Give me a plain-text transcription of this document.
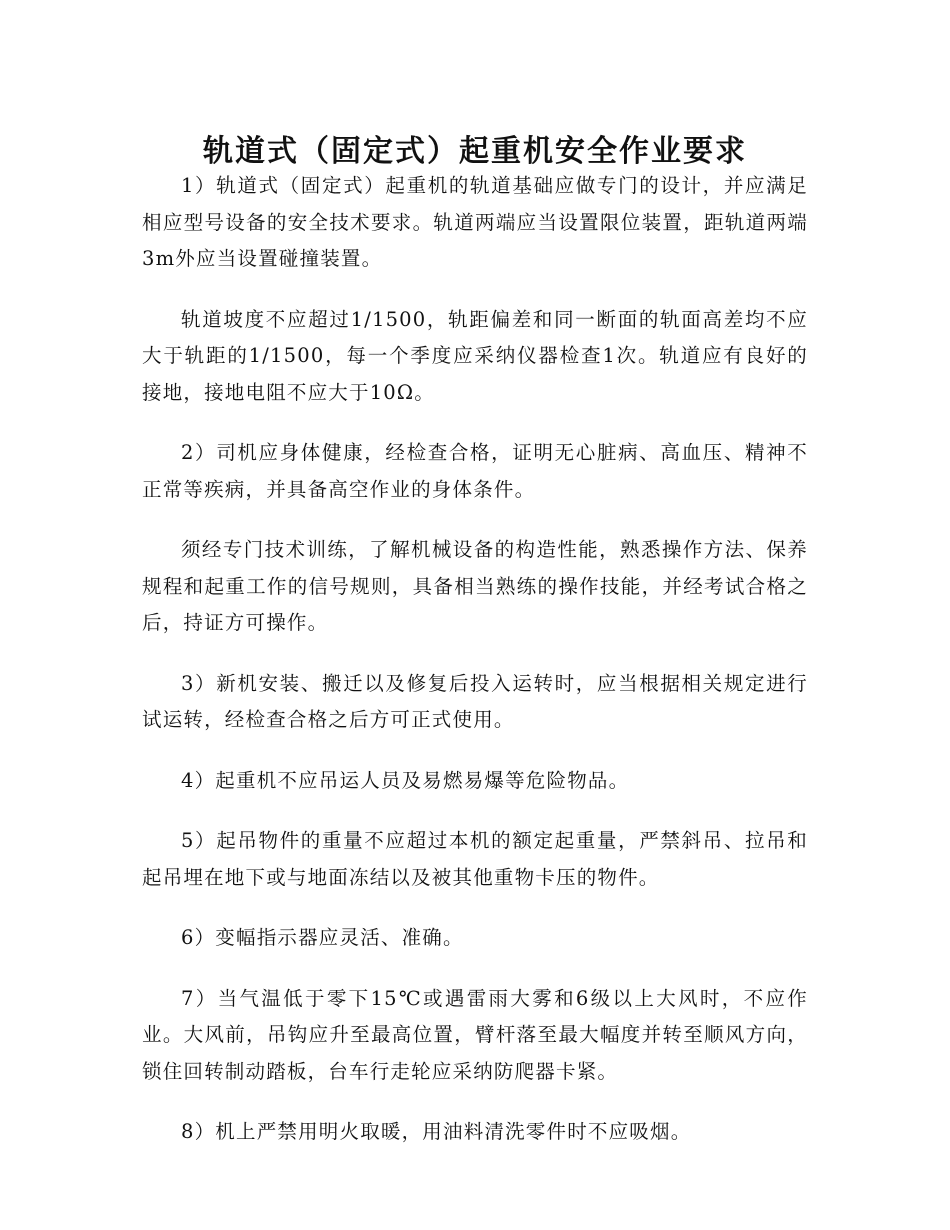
轨道式（固定式）起重机安全作业要求

1）轨道式（固定式）起重机的轨道基础应做专门的设计，并应满足相应型号设备的安全技术要求。轨道两端应当设置限位装置，距轨道两端3m外应当设置碰撞装置。

轨道坡度不应超过1/1500，轨距偏差和同一断面的轨面高差均不应大于轨距的1/1500，每一个季度应采纳仪器检查1次。轨道应有良好的接地，接地电阻不应大于10Ω。

2）司机应身体健康，经检查合格，证明无心脏病、高血压、精神不正常等疾病，并具备高空作业的身体条件。

须经专门技术训练，了解机械设备的构造性能，熟悉操作方法、保养规程和起重工作的信号规则，具备相当熟练的操作技能，并经考试合格之后，持证方可操作。

3）新机安装、搬迁以及修复后投入运转时，应当根据相关规定进行试运转，经检查合格之后方可正式使用。

4）起重机不应吊运人员及易燃易爆等危险物品。

5）起吊物件的重量不应超过本机的额定起重量，严禁斜吊、拉吊和起吊埋在地下或与地面冻结以及被其他重物卡压的物件。

6）变幅指示器应灵活、准确。

7）当气温低于零下15℃或遇雷雨大雾和6级以上大风时，不应作业。大风前，吊钩应升至最高位置，臂杆落至最大幅度并转至顺风方向，锁住回转制动踏板，台车行走轮应采纳防爬器卡紧。

8）机上严禁用明火取暖，用油料清洗零件时不应吸烟。
